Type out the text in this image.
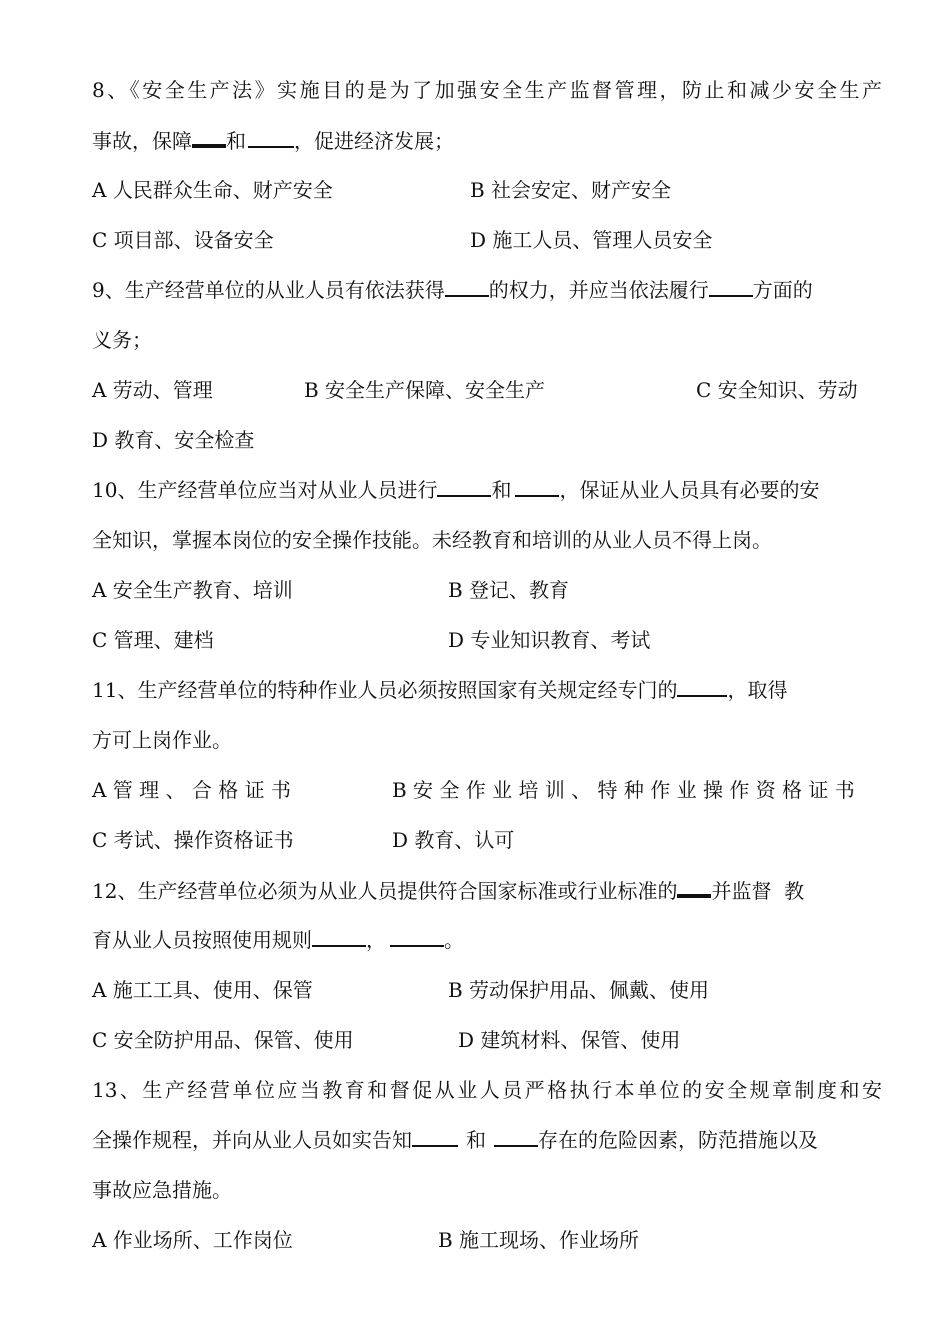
8、《安全生产法》实施目的是为了加强安全生产监督管理，防止和减少安全生产
事故，保障 和 ，促进经济发展；
A 人民群众生命、财产安全	B 社会安定、财产安全
C 项目部、设备安全	D 施工人员、管理人员安全
9、生产经营单位的从业人员有依法获得 的权力，并应当依法履行 方面的
义务；
A 劳动、管理	B 安全生产保障、安全生产	C 安全知识、劳动
D 教育、安全检查
10、生产经营单位应当对从业人员进行	和 ，保证从业人员具有必要的安
全知识，掌握本岗位的安全操作技能。未经教育和培训的从业人员不得上岗。
A 安全生产教育、培训	B 登记、教育
C 管理、建档	D 专业知识教育、考试
11、生产经营单位的特种作业人员必须按照国家有关规定经专门的	，取得
方可上岗作业。
A 管 理 、 合 格 证 书	B 安 全 作 业 培 训 、 特 种 作 业 操 作 资 格 证 书
C 考试、操作资格证书	D 教育、认可
12、生产经营单位必须为从业人员提供符合国家标准或行业标准的 并监督  教
育从业人员按照使用规则	，	。
A 施工工具、使用、保管	B 劳动保护用品、佩戴、使用
C 安全防护用品、保管、使用	D 建筑材料、保管、使用
13、生产经营单位应当教育和督促从业人员严格执行本单位的安全规章制度和安
全操作规程，并向从业人员如实告知	和	存在的危险因素，防范措施以及
事故应急措施。
A 作业场所、工作岗位	B 施工现场、作业场所
